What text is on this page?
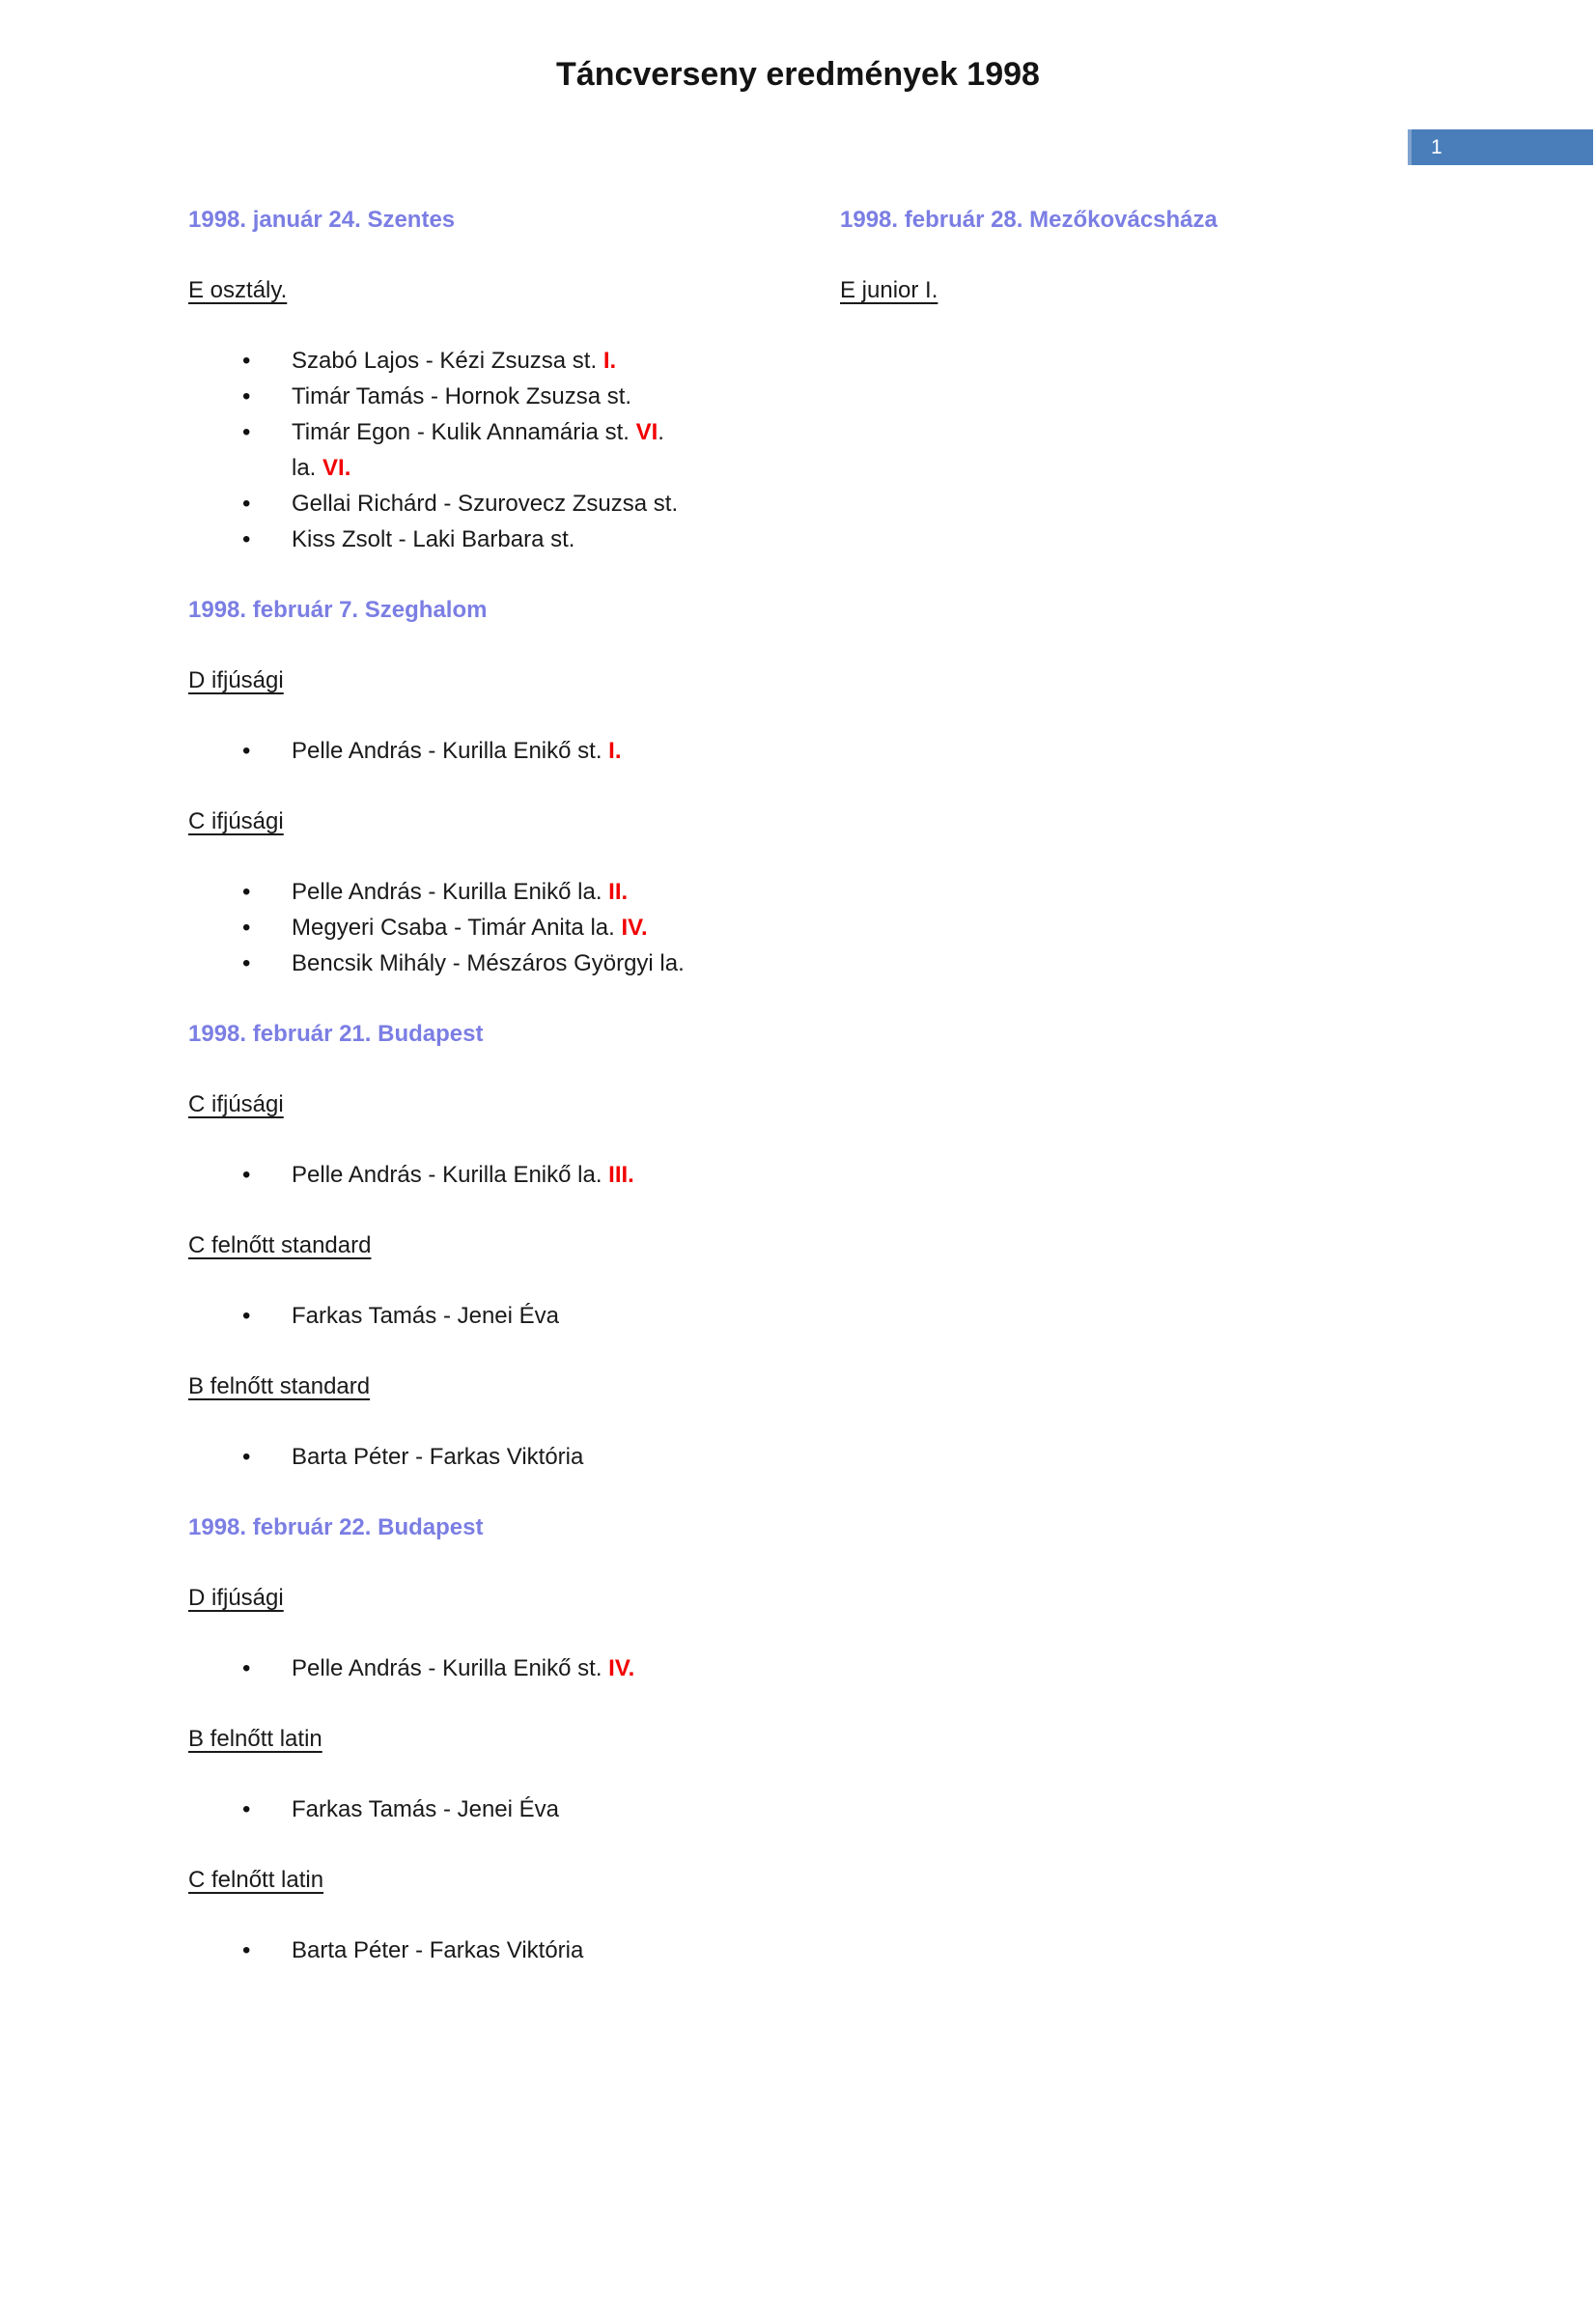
1
Táncverseny eredmények 1998
1998. január 24. Szentes
E osztály.
• Szabó Lajos - Kézi Zsuzsa st. I.
• Timár Tamás - Hornok Zsuzsa st.
• Timár Egon - Kulik Annamária st. VI.
la. VI.
• Gellai Richárd - Szurovecz Zsuzsa st.
• Kiss Zsolt - Laki Barbara st.
1998. február 7. Szeghalom
D ifjúsági
• Pelle András - Kurilla Enikő st. I.
C ifjúsági
• Pelle András - Kurilla Enikő la. II.
• Megyeri Csaba - Timár Anita la. IV.
• Bencsik Mihály - Mészáros Györgyi la.
1998. február 21. Budapest
C ifjúsági
• Pelle András - Kurilla Enikő la. III.
C felnőtt standard
• Farkas Tamás - Jenei Éva
B felnőtt standard
• Barta Péter - Farkas Viktória
1998. február 22. Budapest
D ifjúsági
• Pelle András - Kurilla Enikő st. IV.
B felnőtt latin
• Farkas Tamás - Jenei Éva
C felnőtt latin
• Barta Péter - Farkas Viktória
1998. február 28. Mezőkovácsháza
E junior I.
